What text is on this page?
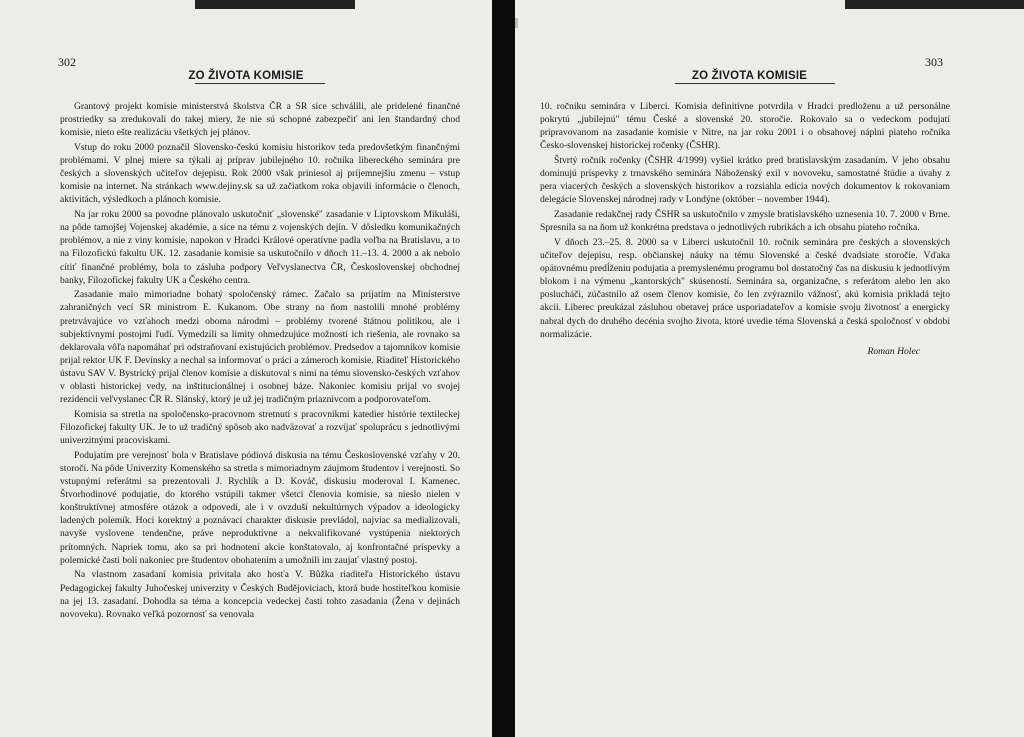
302
ZO ŽIVOTA KOMISIE

Grantový projekt komisie ministerstvá školstva ČR a SR síce schválili, ale pridelené finančné prostriedky sa zredukovali do takej miery, že nie sú schopné zabezpečiť ani len štandardný chod komisie, nieto ešte realizáciu všetkých jej plánov.

Vstup do roku 2000 poznačil Slovensko-českú komisiu historikov teda predovšetkým finančnými problémami. V plnej miere sa týkali aj príprav jubilejného 10. ročníka libereckého seminára pre českých a slovenských učiteľov dejepisu. Rok 2000 však priniesol aj príjemnejšiu zmenu – vstup komisie na internet. Na stránkach www.dejiny.sk sa už začiatkom roka objavili informácie o členoch, aktivitách, výsledkoch a plánoch komisie.

Na jar roku 2000 sa povodne plánovalo uskutočniť „slovenské" zasadanie v Liptovskom Mikuláši, na pôde tamojšej Vojenskej akadémie, a síce na tému z vojenských dejín. V dôsledku komunikačných problémov, a nie z viny komisie, napokon v Hradci Králové operatívne padla voľba na Bratislavu, a to na Filozofickú fakultu UK. 12. zasadanie komisie sa uskutočnilo v dňoch 11.–13. 4. 2000 a ak nebolo cítiť finančné problémy, bola to zásluha podpory Veľvyslanectva ČR, Československej obchodnej banky, Filozofickej fakulty UK a Českého centra.

Zasadanie malo mimoriadne bohatý spoločenský rámec. Začalo sa prijatím na Ministerstve zahraničných vecí SR ministrom E. Kukanom. Obe strany na ňom nastolili mnohé problémy pretrvávajúce vo vzťahoch medzi oboma národmi – problémy tvorené štátnou politikou, ale i subjektívnymi postojmi ľudí. Vymedzili sa limity ohmedzujúce možnosti ich riešenia, ale rovnako sa deklarovala vôľa napomáhať pri odstraňovaní existujúcich problémov. Predsedov a tajomníkov komisie prijal rektor UK F. Devínsky a nechal sa informovať o práci a zámeroch komisie. Riaditeľ Historického ústavu SAV V. Bystrický prijal členov komisie a diskutoval s nimi na tému slovensko-českých vzťahov v oblasti historickej vedy, na inštitucionálnej i osobnej báze. Nakoniec komisiu prijal vo svojej rezidencii veľvyslanec ČR R. Slánský, ktorý je už jej tradičným priaznivcom a podporovateľom.

Komisia sa stretla na spoločensko-pracovnom stretnutí s pracovníkmi katedier histórie textileckej Filozofickej fakulty UK. Je to už tradičný spôsob ako nadväzovať a rozvíjať spoluprácu s jednotlivými univerzitnými pracoviskami.

Podujatím pre verejnosť bola v Bratislave pódiová diskusia na tému Československé vzťahy v 20. storočí. Na pôde Univerzity Komenského sa stretla s mimoriadnym záujmom študentov i verejnosti. So vstupnými referátmi sa prezentovali J. Rychlík a D. Kováč, diskusiu moderoval I. Kamenec. Štvorhodinové podujatie, do ktorého vstúpili takmer všetci členovia komisie, sa nieslo nielen v konštruktívnej atmosfére otázok a odpovedí, ale i v ovzduší nekultúrnych výpadov a ideologicky ladených polemík. Hoci korektný a poznávací charakter diskusie prevládol, najviac sa medializovali, navyše vyslovene tendenčne, práve neproduktívne a nekvalifikované vystúpenia niektorých prítomných. Napriek tomu, ako sa pri hodnotení akcie konštatovalo, aj konfrontačné príspevky a polemické časti boli nakoniec pre študentov obohatením a umožnili im zaujať vlastný postoj.

Na vlastnom zasadaní komisia privítala ako hosťa V. Bůžka riaditeľa Historického ústavu Pedagogickej fakulty Juhočeskej univerzity v Českých Budějoviciach, ktorá bude hostiteľkou komisie na jej 13. zasadaní. Dohodla sa téma a koncepcia vedeckej časti tohto zasadania (Žena v dejinách novoveku). Rovnako veľká pozornosť sa venovala

303
ZO ŽIVOTA KOMISIE

10. ročníku seminára v Liberci. Komisia definitívne potvrdila v Hradci predloženu a už personálne pokrytú „jubilejnú" tému České a slovenské 20. storočie. Rokovalo sa o vedeckom podujatí pripravovanom na zasadanie komisie v Nitre, na jar roku 2001 i o obsahovej náplni piateho ročníka Česko-slovenskej historickej ročenky (ČSHR).

Štvrtý ročník ročenky (ČSHR 4/1999) vyšiel krátko pred bratislavským zasadaním. V jeho obsahu dominujú príspevky z trnavského seminára Náboženský exil v novoveku, samostatné štúdie a úvahy z pera viacerých českých a slovenských historikov a rozsiahla edícia nových dokumentov k rokovaniam delegácie Slovenskej národnej rady v Londýne (október – november 1944).

Zasadanie redakčnej rady ČSHR sa uskutočnilo v zmysle bratislavského uznesenia 10. 7. 2000 v Brne. Spresnila sa na ňom už konkrétna predstava o jednotlivých rubrikách a ich obsahu piateho ročníka.

V dňoch 23.–25. 8. 2000 sa v Liberci uskutočnil 10. ročník seminára pre českých a slovenských učiteľov dejepisu, resp. občianskej náuky na tému Slovenské a české dvadsiate storočie. Vďaka opätovnému predĺženiu podujatia a premyslenému programu bol dostatočný čas na diskusiu k jednotlivým blokom i na výmenu „kantorských" skúseností. Seminára sa, organizačne, s referátom alebo len ako poslucháči, zúčastnilo až osem členov komisie, čo len zvýraznilo vážnosť, akú komisia prikladá tejto akcii. Liberec preukázal zásluhou obetavej práce usporiadateľov a komisie svoju životnosť a energicky nabral dych do druhého decénia svojho života, ktoré uvedie téma Slovenská a česká spoločnosť v období normalizácie.

Roman Holec
